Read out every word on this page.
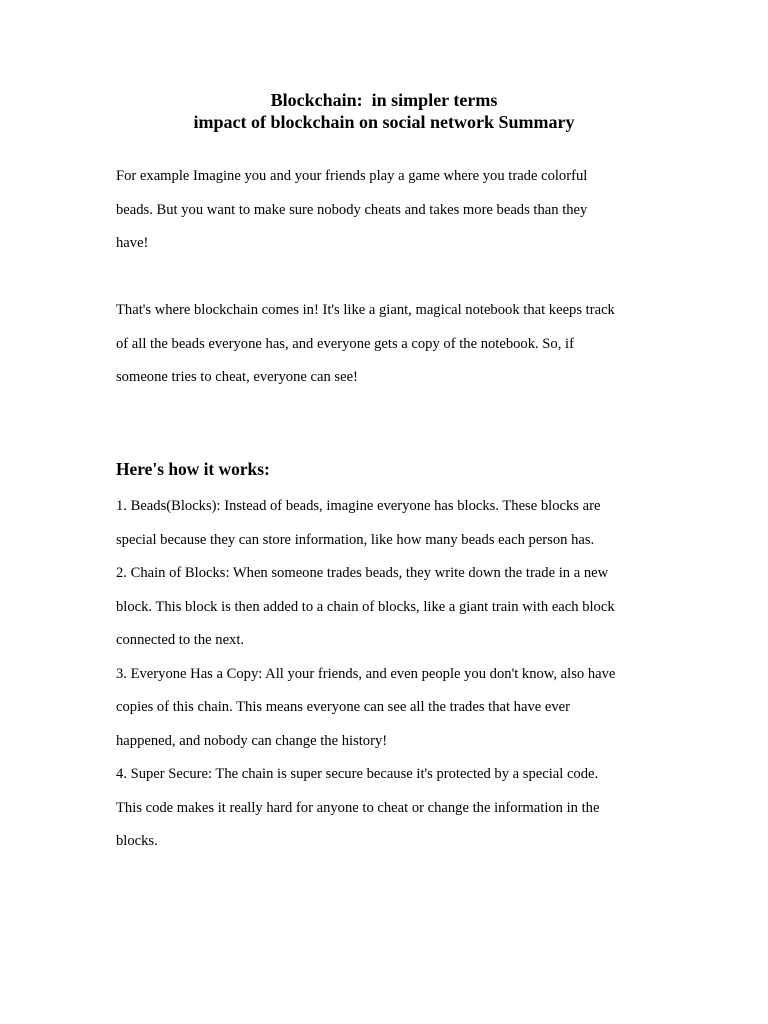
Blockchain:  in simpler terms
impact of blockchain on social network Summary
For example Imagine you and your friends play a game where you trade colorful
beads. But you want to make sure nobody cheats and takes more beads than they
have!
That's where blockchain comes in! It's like a giant, magical notebook that keeps track
of all the beads everyone has, and everyone gets a copy of the notebook. So, if
someone tries to cheat, everyone can see!
Here's how it works:
1. Beads(Blocks): Instead of beads, imagine everyone has blocks. These blocks are
special because they can store information, like how many beads each person has.
2. Chain of Blocks: When someone trades beads, they write down the trade in a new
block. This block is then added to a chain of blocks, like a giant train with each block
connected to the next.
3. Everyone Has a Copy: All your friends, and even people you don't know, also have
copies of this chain. This means everyone can see all the trades that have ever
happened, and nobody can change the history!
4. Super Secure: The chain is super secure because it's protected by a special code.
This code makes it really hard for anyone to cheat or change the information in the
blocks.
